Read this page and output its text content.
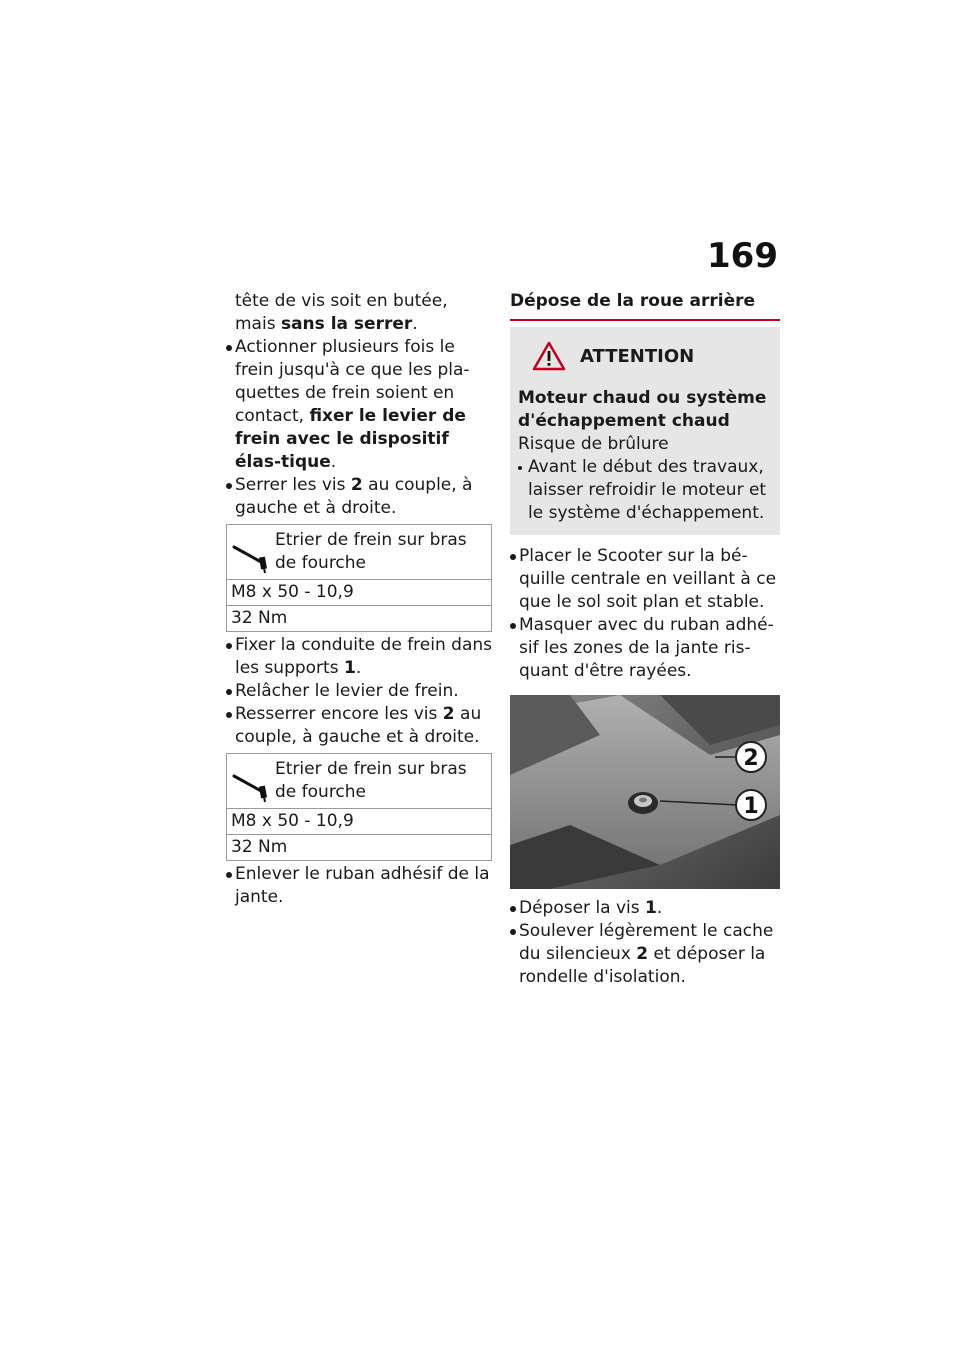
169

tête de vis soit en butée, mais sans la serrer.

Actionner plusieurs fois le frein jusqu'à ce que les pla-quettes de frein soient en contact, fixer le levier de frein avec le dispositif élas-tique.
Serrer les vis 2 au couple, à gauche et à droite.
Etrier de frein sur bras de fourche

M8 x 50 - 10,9
32 Nm
Fixer la conduite de frein dans les supports 1.
Relâcher le levier de frein.
Resserrer encore les vis 2 au couple, à gauche et à droite.
Etrier de frein sur bras de fourche

M8 x 50 - 10,9
32 Nm
Enlever le ruban adhésif de la jante.
Dépose de la roue arrière
ATTENTION

Moteur chaud ou système d'échappement chaud

Risque de brûlure

Avant le début des travaux, laisser refroidir le moteur et le système d'échappement.
Placer le Scooter sur la bé-quille centrale en veillant à ce que le sol soit plan et stable.
Masquer avec du ruban adhé-sif les zones de la jante ris-quant d'être rayées.
2
1
Déposer la vis 1.
Soulever légèrement le cache du silencieux 2 et déposer la rondelle d'isolation.
